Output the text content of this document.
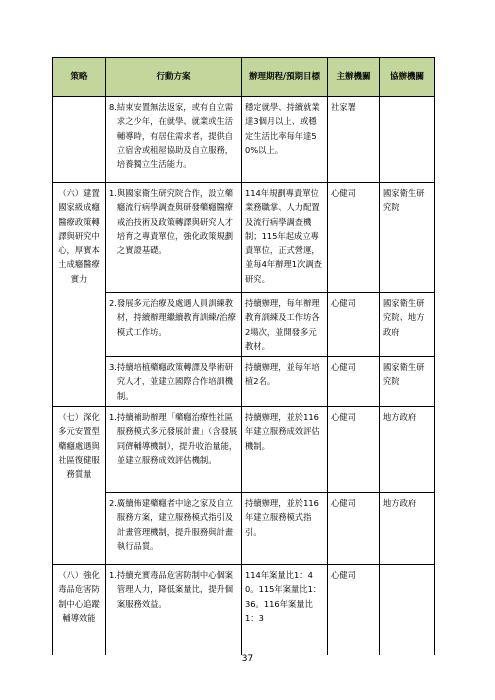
策略	行動方案	辦理期程/預期目標	主辦機關	協辦機關

	8. 結束安置無法返家，或有自立需求之少年，在就學、就業或生活輔導時，有居住需求者，提供自立宿舍或租屋協助及自立服務，培養獨立生活能力。	穩定就學、持續就業達3個月以上、或穩定生活比率每年達50%以上。	社家署	
（六）建置國家級成癮醫療政策轉譯與研究中心，厚實本土成癮醫療實力	1. 與國家衛生研究院合作，設立藥癮流行病學調查與研發藥癮醫療戒治技術及政策轉譯與研究人才培育之專責單位，強化政策規劃之實證基礎。	114年規劃專責單位業務職掌、人力配置及流行病學調查機制；115年起成立專責單位，正式營運，並每4年辦理1次調查研究。	心健司	國家衛生研究院

	2. 發展多元治療及處遇人員訓練教材，持續辦理繼續教育訓練/治療模式工作坊。	持續辦理，每年辦理教育訓練及工作坊各2場次，並開發多元教材。	心健司	國家衛生研究院、地方政府

	3. 持續培植藥癮政策轉譯及學術研究人才，並建立國際合作培訓機制。	持續辦理，並每年培植2名。	心健司	國家衛生研究院
（七）深化多元安置型藥癮處遇與社區復健服務質量	1. 持續補助辦理「藥癮治療性社區服務模式多元發展計畫」（含發展同儕輔導機制），提升收治量能，並建立服務成效評估機制。	持續辦理，並於116年建立服務成效評估機制。	心健司	地方政府

	2. 廣續佈建藥癮者中途之家及自立服務方案，建立服務模式指引及計畫管理機制，提升服務與計畫執行品質。	持續辦理，並於116年建立服務模式指引。	心健司	地方政府
（八）強化毒品危害防制中心追蹤輔導效能	1. 持續充實毒品危害防制中心個案管理人力，降低案量比，提升個案服務效益。	114年案量比1：40。115年案量比1：36。116年案量比1：3	心健司	
37
